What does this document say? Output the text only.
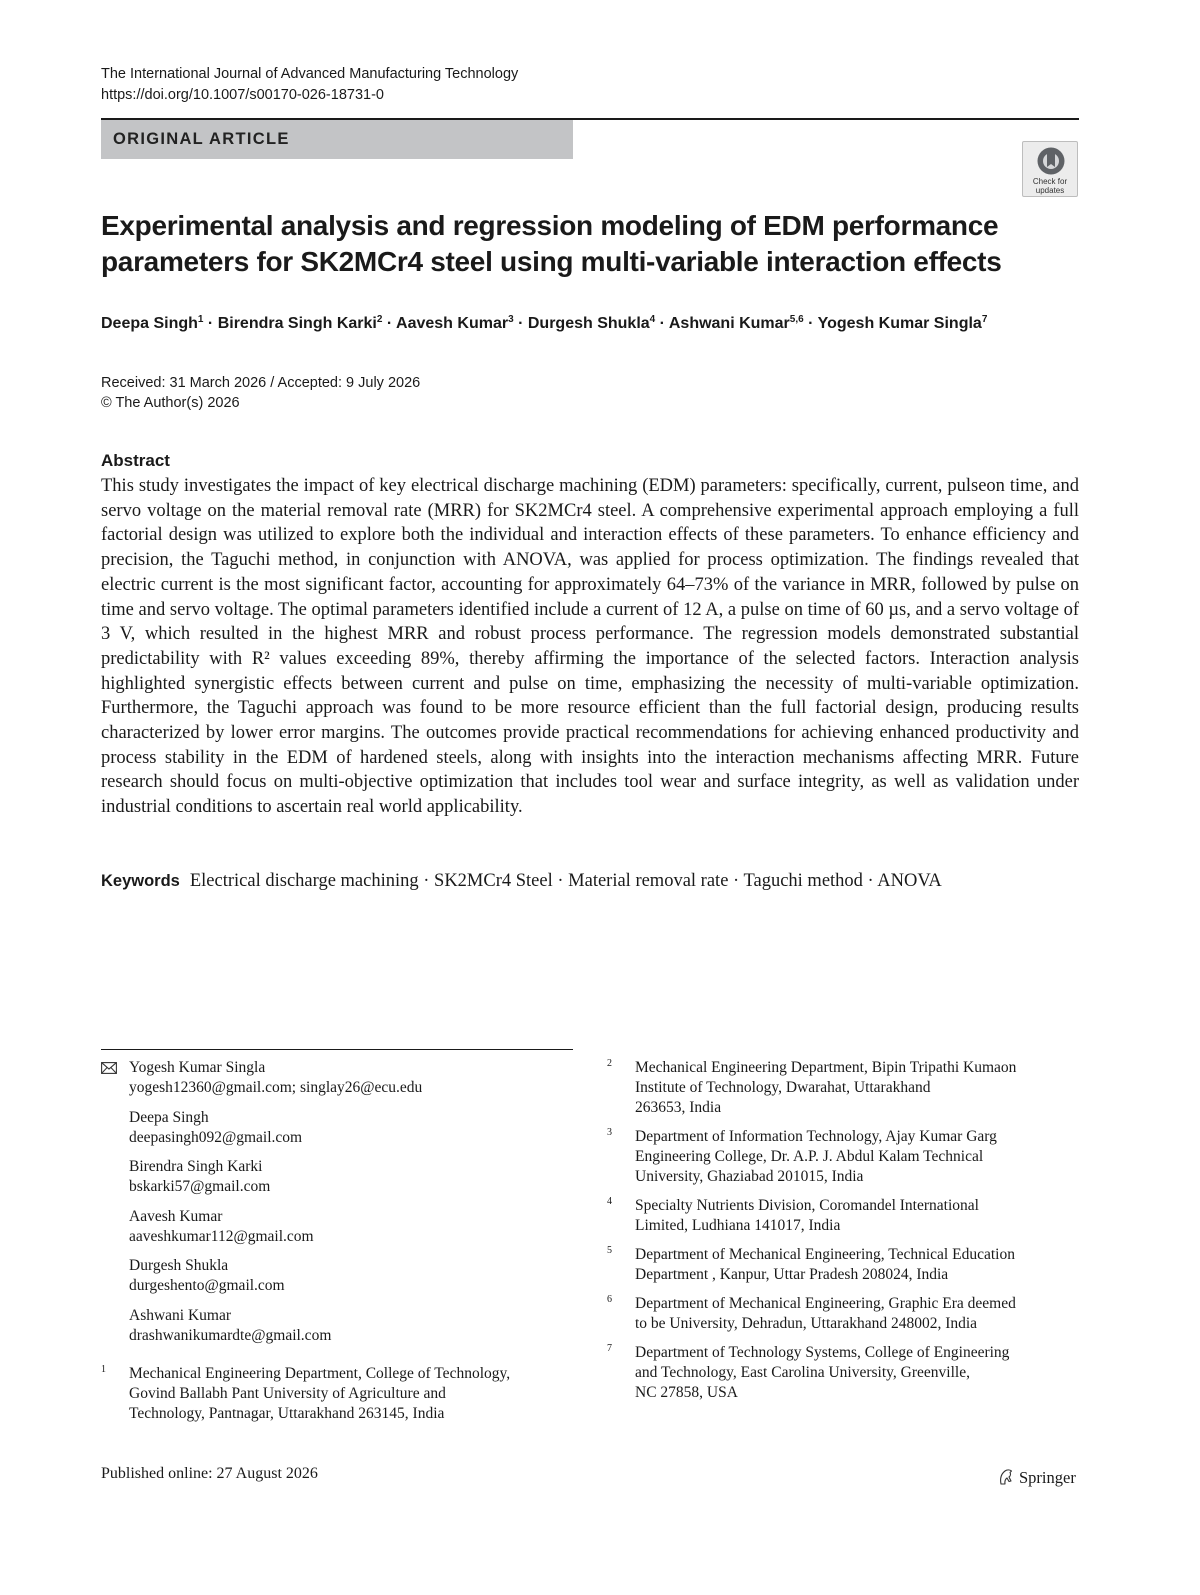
The International Journal of Advanced Manufacturing Technology
https://doi.org/10.1007/s00170-026-18731-0
ORIGINAL ARTICLE
Check for
updates
Experimental analysis and regression modeling of EDM performance parameters for SK2MCr4 steel using multi-variable interaction effects
Deepa Singh$^1$ · Birendra Singh Karki$^2$ · Aavesh Kumar$^3$ · Durgesh Shukla$^4$ · Ashwani Kumar$^{5,6}$ · Yogesh Kumar Singla$^7$
Received: 31 March 2026 / Accepted: 9 July 2026
© The Author(s) 2026
Abstract

This study investigates the impact of key electrical discharge machining (EDM) parameters: specifically, current, pulseon time, and servo voltage on the material removal rate (MRR) for SK2MCr4 steel. A comprehensive experimental approach employing a full factorial design was utilized to explore both the individual and interaction effects of these parameters. To enhance efficiency and precision, the Taguchi method, in conjunction with ANOVA, was applied for process optimization. The findings revealed that electric current is the most significant factor, accounting for approximately 64–73% of the variance in MRR, followed by pulse on time and servo voltage. The optimal parameters identified include a current of 12 A, a pulse on time of 60 µs, and a servo voltage of 3 V, which resulted in the highest MRR and robust process performance. The regression models demonstrated substantial predictability with R² values exceeding 89%, thereby affirming the importance of the selected factors. Interaction analysis highlighted synergistic effects between current and pulse on time, emphasizing the necessity of multi-variable optimization. Furthermore, the Taguchi approach was found to be more resource efficient than the full factorial design, producing results characterized by lower error margins. The outcomes provide practical recommendations for achieving enhanced productivity and process stability in the EDM of hardened steels, along with insights into the interaction mechanisms affecting MRR. Future research should focus on multi-objective optimization that includes tool wear and surface integrity, as well as validation under industrial conditions to ascertain real world applicability.

Keywords Electrical discharge machining · SK2MCr4 Steel · Material removal rate · Taguchi method · ANOVA
Yogesh Kumar Singla
yogesh12360@gmail.com; singlay26@ecu.edu
Deepa Singh
deepasingh092@gmail.com
Birendra Singh Karki
bskarki57@gmail.com
Aavesh Kumar
aaveshkumar112@gmail.com
Durgesh Shukla
durgeshento@gmail.com
Ashwani Kumar
drashwanikumardte@gmail.com
1 Mechanical Engineering Department, College of Technology,
Govind Ballabh Pant University of Agriculture and
Technology, Pantnagar, Uttarakhand 263145, India
2 Mechanical Engineering Department, Bipin Tripathi Kumaon
Institute of Technology, Dwarahat, Uttarakhand
263653, India
3 Department of Information Technology, Ajay Kumar Garg
Engineering College, Dr. A.P. J. Abdul Kalam Technical
University, Ghaziabad 201015, India
4 Specialty Nutrients Division, Coromandel International
Limited, Ludhiana 141017, India
5 Department of Mechanical Engineering, Technical Education
Department , Kanpur, Uttar Pradesh 208024, India
6 Department of Mechanical Engineering, Graphic Era deemed
to be University, Dehradun, Uttarakhand 248002, India
7 Department of Technology Systems, College of Engineering
and Technology, East Carolina University, Greenville,
NC 27858, USA
Published online: 27 August 2026	Springer
